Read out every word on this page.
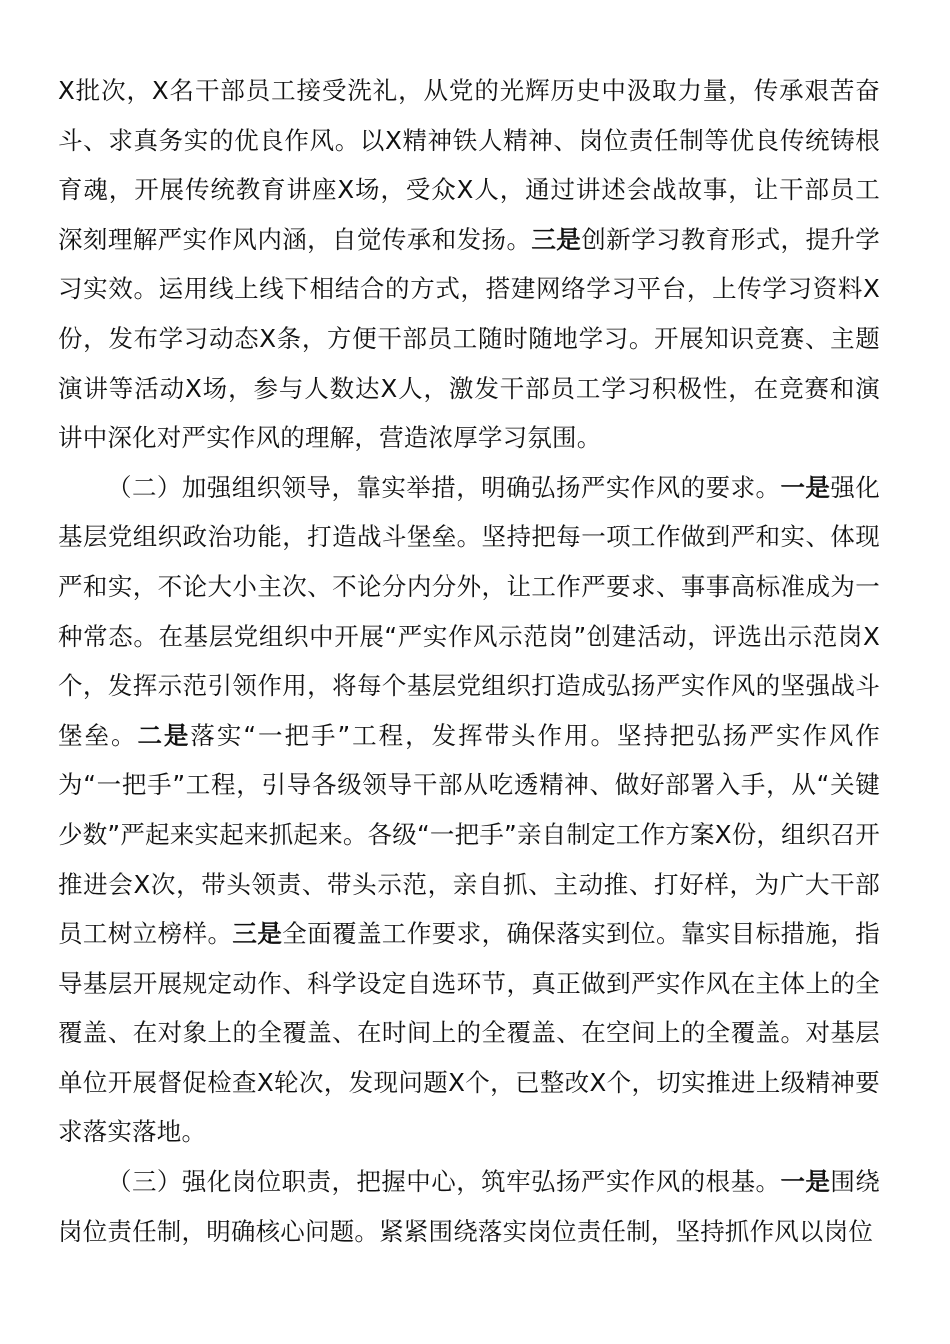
X批次，X名干部员工接受洗礼，从党的光辉历史中汲取力量，传承艰苦奋斗、求真务实的优良作风。以X精神铁人精神、岗位责任制等优良传统铸根育魂，开展传统教育讲座X场，受众X人，通过讲述会战故事，让干部员工深刻理解严实作风内涵，自觉传承和发扬。三是创新学习教育形式，提升学习实效。运用线上线下相结合的方式，搭建网络学习平台，上传学习资料X份，发布学习动态X条，方便干部员工随时随地学习。开展知识竞赛、主题演讲等活动X场，参与人数达X人，激发干部员工学习积极性，在竞赛和演讲中深化对严实作风的理解，营造浓厚学习氛围。

（二）加强组织领导，靠实举措，明确弘扬严实作风的要求。一是强化基层党组织政治功能，打造战斗堡垒。坚持把每一项工作做到严和实、体现严和实，不论大小主次、不论分内分外，让工作严要求、事事高标准成为一种常态。在基层党组织中开展“严实作风示范岗”创建活动，评选出示范岗X个，发挥示范引领作用，将每个基层党组织打造成弘扬严实作风的坚强战斗堡垒。二是落实“一把手”工程，发挥带头作用。坚持把弘扬严实作风作为“一把手”工程，引导各级领导干部从吃透精神、做好部署入手，从“关键少数”严起来实起来抓起来。各级“一把手”亲自制定工作方案X份，组织召开推进会X次，带头领责、带头示范，亲自抓、主动推、打好样，为广大干部员工树立榜样。三是全面覆盖工作要求，确保落实到位。靠实目标措施，指导基层开展规定动作、科学设定自选环节，真正做到严实作风在主体上的全覆盖、在对象上的全覆盖、在时间上的全覆盖、在空间上的全覆盖。对基层单位开展督促检查X轮次，发现问题X个，已整改X个，切实推进上级精神要求落实落地。

（三）强化岗位职责，把握中心，筑牢弘扬严实作风的根基。一是围绕岗位责任制，明确核心问题。紧紧围绕落实岗位责任制，坚持抓作风以岗位
